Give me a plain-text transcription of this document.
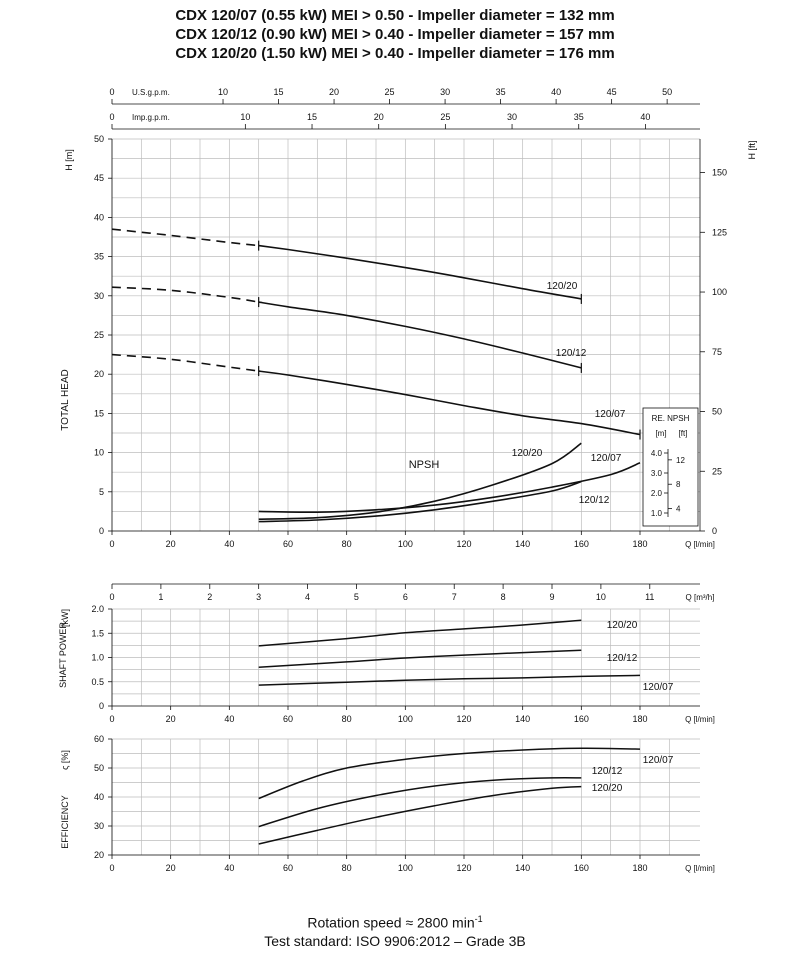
CDX 120/07 (0.55 kW) MEI > 0.50 - Impeller diameter = 132 mm
CDX 120/12 (0.90 kW) MEI > 0.40 - Impeller diameter = 157 mm
CDX 120/20 (1.50 kW) MEI > 0.40 - Impeller diameter = 176 mm
0
5
10
15
20
25
30
35
40
45
50
0
25
50
75
100
125
150
H [m]	H [ft]
TOTAL HEAD
0	20	40	60	80	100	120	140	160	180	Q [l/min]
0	10	15	20	25	30	35	40	45	50
U.S.g.p.m.
0	10	15	20	25	30	35	40
Imp.g.p.m.
120/20
120/12
120/07
NPSH
120/20
120/12
120/07
RE. NPSH
[m] [ft]
4.0
3.0
2.0
1.0
12
8
4
0
0.5
1.0
1.5
2.0
SHAFT POWER
[kW]
0	20	40	60	80	100	120	140	160	180	Q [l/min]
0	1	2	3	4	5	6	7	8	9	10	11	Q [m³/h]
120/20
120/12
120/07
20
30
40
50
60
EFFICIENCY
ς [%]
0	20	40	60	80	100	120	140	160	180	Q [l/min]
120/07
120/12
120/20
Rotation speed ≈ 2800 $\min^{-1}$
Test standard: ISO 9906:2012 – Grade 3B
